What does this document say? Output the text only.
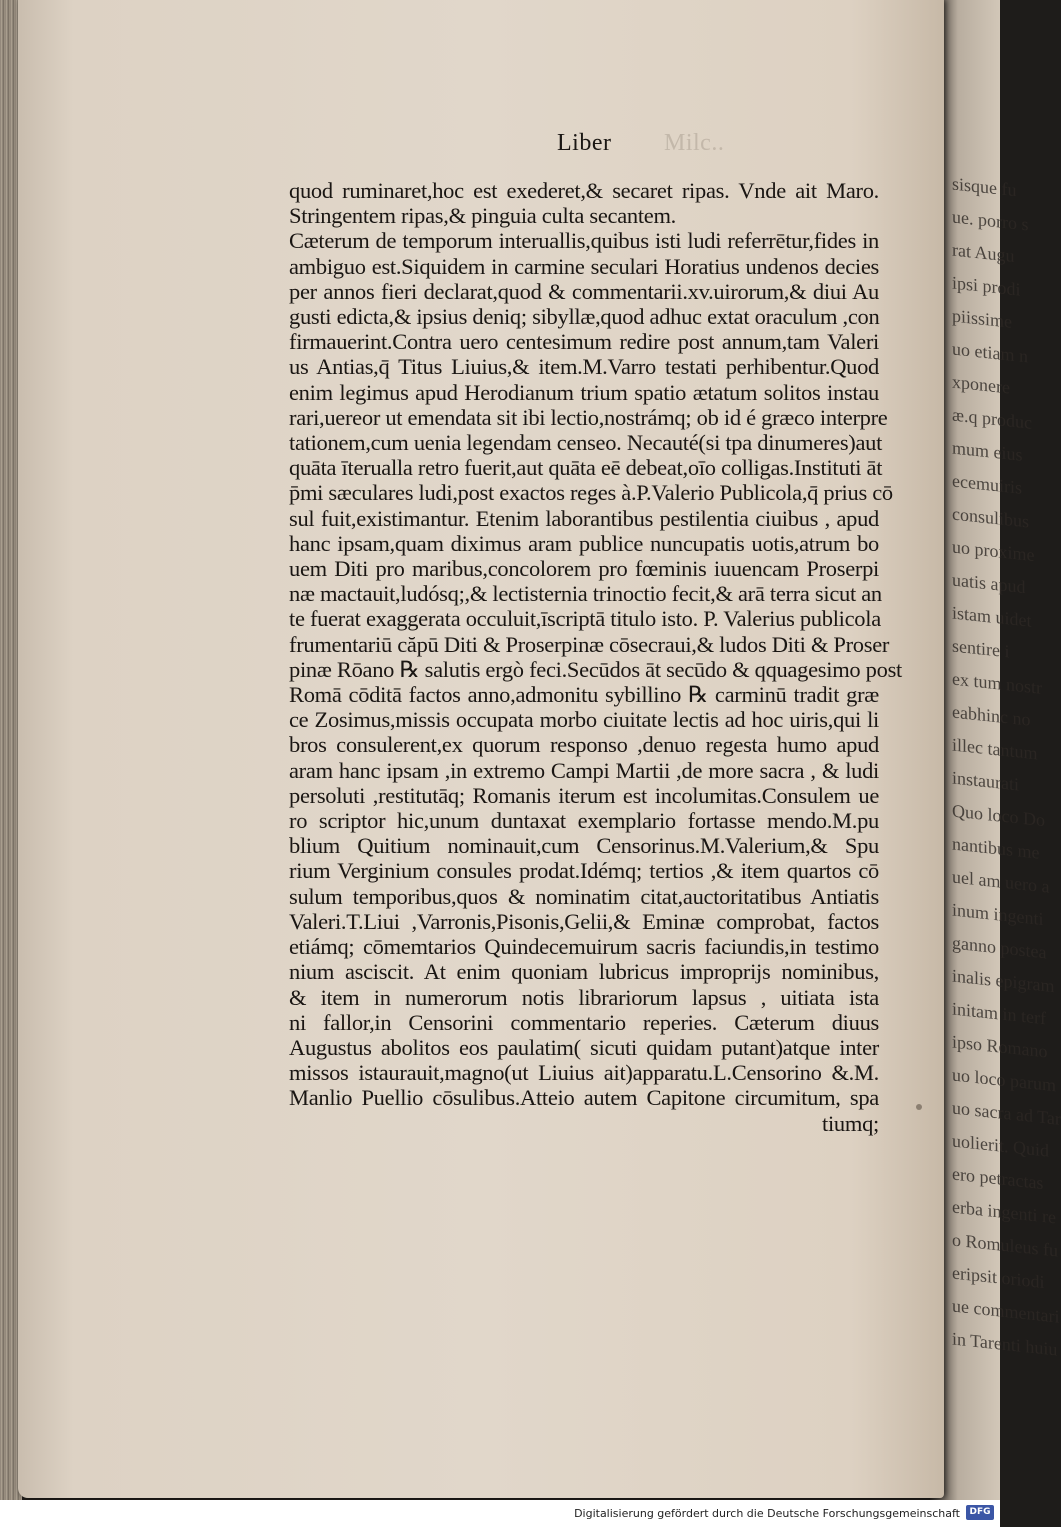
sisque fu
ue. porro s
rat Augu
ipsi prodi
piissime
uo etiam n
xponere
æ.q produc
mum eius
ecemuiris
consulibus
uo proxime
uatis apud
istam uidet
sentire i
ex tum nostr
eabhinc no
illec tantum
instaurati
Quo loco Do
nantibus me
uel am uero a
inum ingenti
ganno postea
inalis epigram
initam in terf
ipso Romano
uo loco parum
uo sacra ad Tar
uolierit. Quid
ero petractas
erba ingenti re
o Romuleus fu
eripsit oriodi
ue commentari
in Tarenti huiu
Liber Milc..
quod ruminaret,hoc est exederet,& secaret ripas. Vnde ait Maro.
Stringentem ripas,& pinguia culta secantem.
Cæterum de temporum interuallis,quibus isti ludi referrētur,fides in
ambiguo est.Siquidem in carmine seculari Horatius undenos decies
per annos fieri declarat,quod & commentarii.xv.uirorum,& diui Au
gusti edicta,& ipsius deniq; sibyllæ,quod adhuc extat oraculum ,con
firmauerint.Contra uero centesimum redire post annum,tam Valeri
us Antias,q̄ Titus Liuius,& item.M.Varro testati perhibentur.Quod
enim legimus apud Herodianum trium spatio ætatum solitos instau
rari,uereor ut emendata sit ibi lectio,nostrámq; ob id é græco interpre
tationem,cum uenia legendam censeo. Necauté(si tpa dinumeres)aut
quāta īterualla retro fuerit,aut quāta eē debeat,oīo colligas.Instituti āt
p̄mi sæculares ludi,post exactos reges à.P.Valerio Publicola,q̄ prius cō
sul fuit,existimantur. Etenim laborantibus pestilentia ciuibus , apud
hanc ipsam,quam diximus aram publice nuncupatis uotis,atrum bo
uem Diti pro maribus,concolorem pro fœminis iuuencam Proserpi
næ mactauit,ludósq;,& lectisternia trinoctio fecit,& arā terra sicut an
te fuerat exaggerata occuluit,īscriptā titulo isto. P. Valerius publicola
frumentariū căpū Diti & Proserpinæ cōsecraui,& ludos Diti & Proser
pinæ Rōano ℞ salutis ergò feci.Secūdos āt secūdo & qquagesimo post
Romā cōditā factos anno,admonitu sybillino ℞ carminū tradit græ
ce Zosimus,missis occupata morbo ciuitate lectis ad hoc uiris,qui li
bros consulerent,ex quorum responso ,denuo regesta humo apud
aram hanc ipsam ,in extremo Campi Martii ,de more sacra , & ludi
persoluti ,restitutāq; Romanis iterum est incolumitas.Consulem ue
ro scriptor hic,unum duntaxat exemplario fortasse mendo.M.pu
blium Quitium nominauit,cum Censorinus.M.Valerium,& Spu
rium Verginium consules prodat.Idémq; tertios ,& item quartos cō
sulum temporibus,quos & nominatim citat,auctoritatibus Antiatis
Valeri.T.Liui ,Varronis,Pisonis,Gelii,& Eminæ comprobat, factos
etiámq; cōmemtarios Quindecemuirum sacris faciundis,in testimo
nium asciscit. At enim quoniam lubricus improprijs nominibus,
& item in numerorum notis librariorum lapsus , uitiata ista
ni fallor,in Censorini commentario reperies. Cæterum diuus
Augustus abolitos eos paulatim( sicuti quidam putant)atque inter
missos istaurauit,magno(ut Liuius ait)apparatu.L.Censorino &.M.
Manlio Puellio cōsulibus.Atteio autem Capitone circumitum, spa
tiumq;
Digitalisierung gefördert durch die Deutsche Forschungsgemeinschaft	DFG
